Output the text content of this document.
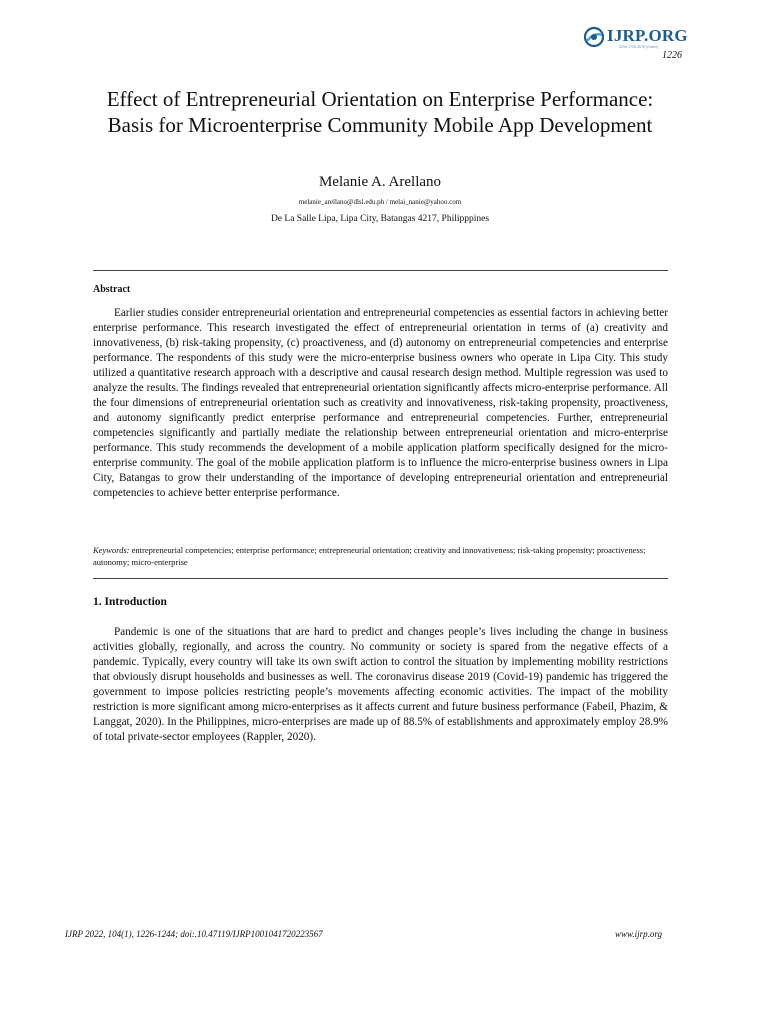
IJRP.ORG
ISSN 2708-3578 (Online)
1226
Effect of Entrepreneurial Orientation on Enterprise Performance: Basis for Microenterprise Community Mobile App Development
Melanie A. Arellano
melanie_arellano@dlsl.edu.ph / melai_nanie@yahoo.com
De La Salle Lipa, Lipa City, Batangas 4217, Philipppines
Abstract

Earlier studies consider entrepreneurial orientation and entrepreneurial competencies as essential factors in achieving better enterprise performance. This research investigated the effect of entrepreneurial orientation in terms of (a) creativity and innovativeness, (b) risk-taking propensity, (c) proactiveness, and (d) autonomy on entrepreneurial competencies and enterprise performance. The respondents of this study were the micro-enterprise business owners who operate in Lipa City. This study utilized a quantitative research approach with a descriptive and causal research design method. Multiple regression was used to analyze the results. The findings revealed that entrepreneurial orientation significantly affects micro-enterprise performance. All the four dimensions of entrepreneurial orientation such as creativity and innovativeness, risk-taking propensity, proactiveness, and autonomy significantly predict enterprise performance and entrepreneurial competencies. Further, entrepreneurial competencies significantly and partially mediate the relationship between entrepreneurial orientation and micro-enterprise performance. This study recommends the development of a mobile application platform specifically designed for the micro-enterprise community. The goal of the mobile application platform is to influence the micro-enterprise business owners in Lipa City, Batangas to grow their understanding of the importance of developing entrepreneurial orientation and entrepreneurial competencies to achieve better enterprise performance.

Keywords: entrepreneurial competencies; enterprise performance; entrepreneurial orientation; creativity and innovativeness; risk-taking propensity; proactiveness; autonomy; micro-enterprise

1. Introduction

Pandemic is one of the situations that are hard to predict and changes people’s lives including the change in business activities globally, regionally, and across the country. No community or society is spared from the negative effects of a pandemic. Typically, every country will take its own swift action to control the situation by implementing mobility restrictions that obviously disrupt households and businesses as well. The coronavirus disease 2019 (Covid-19) pandemic has triggered the government to impose policies restricting people’s movements affecting economic activities. The impact of the mobility restriction is more significant among micro-enterprises as it affects current and future business performance (Fabeil, Phazim, & Langgat, 2020). In the Philippines, micro-enterprises are made up of 88.5% of establishments and approximately employ 28.9% of total private-sector employees (Rappler, 2020).

IJRP 2022, 104(1), 1226-1244; doi:.10.47119/IJRP1001041720223567	www.ijrp.org
